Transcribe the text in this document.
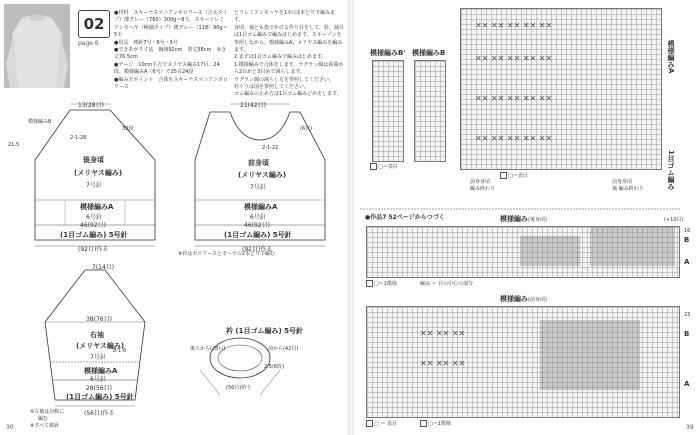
02
page 6
●材料　スキーナスマニアンポロワース（合太タイプ）薄グレー（760）300g＝8玉、スキーソレミアンモヘヤ（極細タイプ）薄グレー（118）90g＝5玉
●用具　棒針7号・6号・5号
●できあがり寸法　胸囲92cm　着丈58cm　ゆき丈76.5cm
●ゲージ　10cm平方でメリヤス編み17目、24段、模様編みA（6号）で25目24段
●編み方ポイント　合体をスキーナスマニアンポロワース
とソレミアンモヘヤを1本の2本どりで編みます。
身頃、袖とも指でかける作り目をして、針、減目は1目ゴム編みで編みはじめます。スキーゾンを参照しながら、模様編みA、メリヤス編みを編みます。
2.まずは1目ゴム編みで編みはじめます。
1.模様編みで合体をします。ラグラン線は両端から2目めと3目めで減らします。
ラグラン線の減らし方を参照してください。
衿ぐりは図を参照してください。
ゴム編みの止め方は1目ゴム編みどめをします。
13(28目)
模様編みB
33段
2-1-28
後身頃
(メリヤス編み)
7号針
模様編みA
6号針
46(92目)
(1目ゴム編み) 5号針
(92目)作る
21.5
21(42目)
(6目)
2-1-22
前身頃
(メリヤス編み)
7号針
模様編みA
6号針
46(92目)
(1目ゴム編み) 5号針
(92目)作る
7(14目)
38(76目)
右袖
(メリヤス編み)
7号針
模様編みA
6号針
28(56目)
(1目ゴム編み) 5号針
(56目)作る
8-1-6
※左袖は対称に
編む
※すべて棒針
衿 (1目ゴム編み) 5号針
後ろから(28目)	前から(42目)
(56目)拾う
2.5(6段)
※衿はボロワースとモヘヤの2本どりで編む
30
✕✕ ✕✕ ✕✕ ✕✕ ✕✕
✕✕ ✕✕ ✕✕ ✕✕ ✕✕
✕✕ ✕✕ ✕✕ ✕✕ ✕✕
✕✕ ✕✕ ✕✕ ✕✕ ✕✕
模様編みA
1目ゴム編み
模様編みB' 模様編みB
□＝表目
□＝表目
前身身頃
編み終わり
前身身頃
袖 編み終わり
●作品7 52ページからつづく	模様編み(後身頃)
□＝1模様	編み ＝ 目の中心の部分
(+10目)
B
A
16
模様編み(前身頃)
✕✕ ✕✕ ✕✕
✕✕ ✕✕ ✕✕
□ ＝ 表目	□＝1模様
B
A
23
39
